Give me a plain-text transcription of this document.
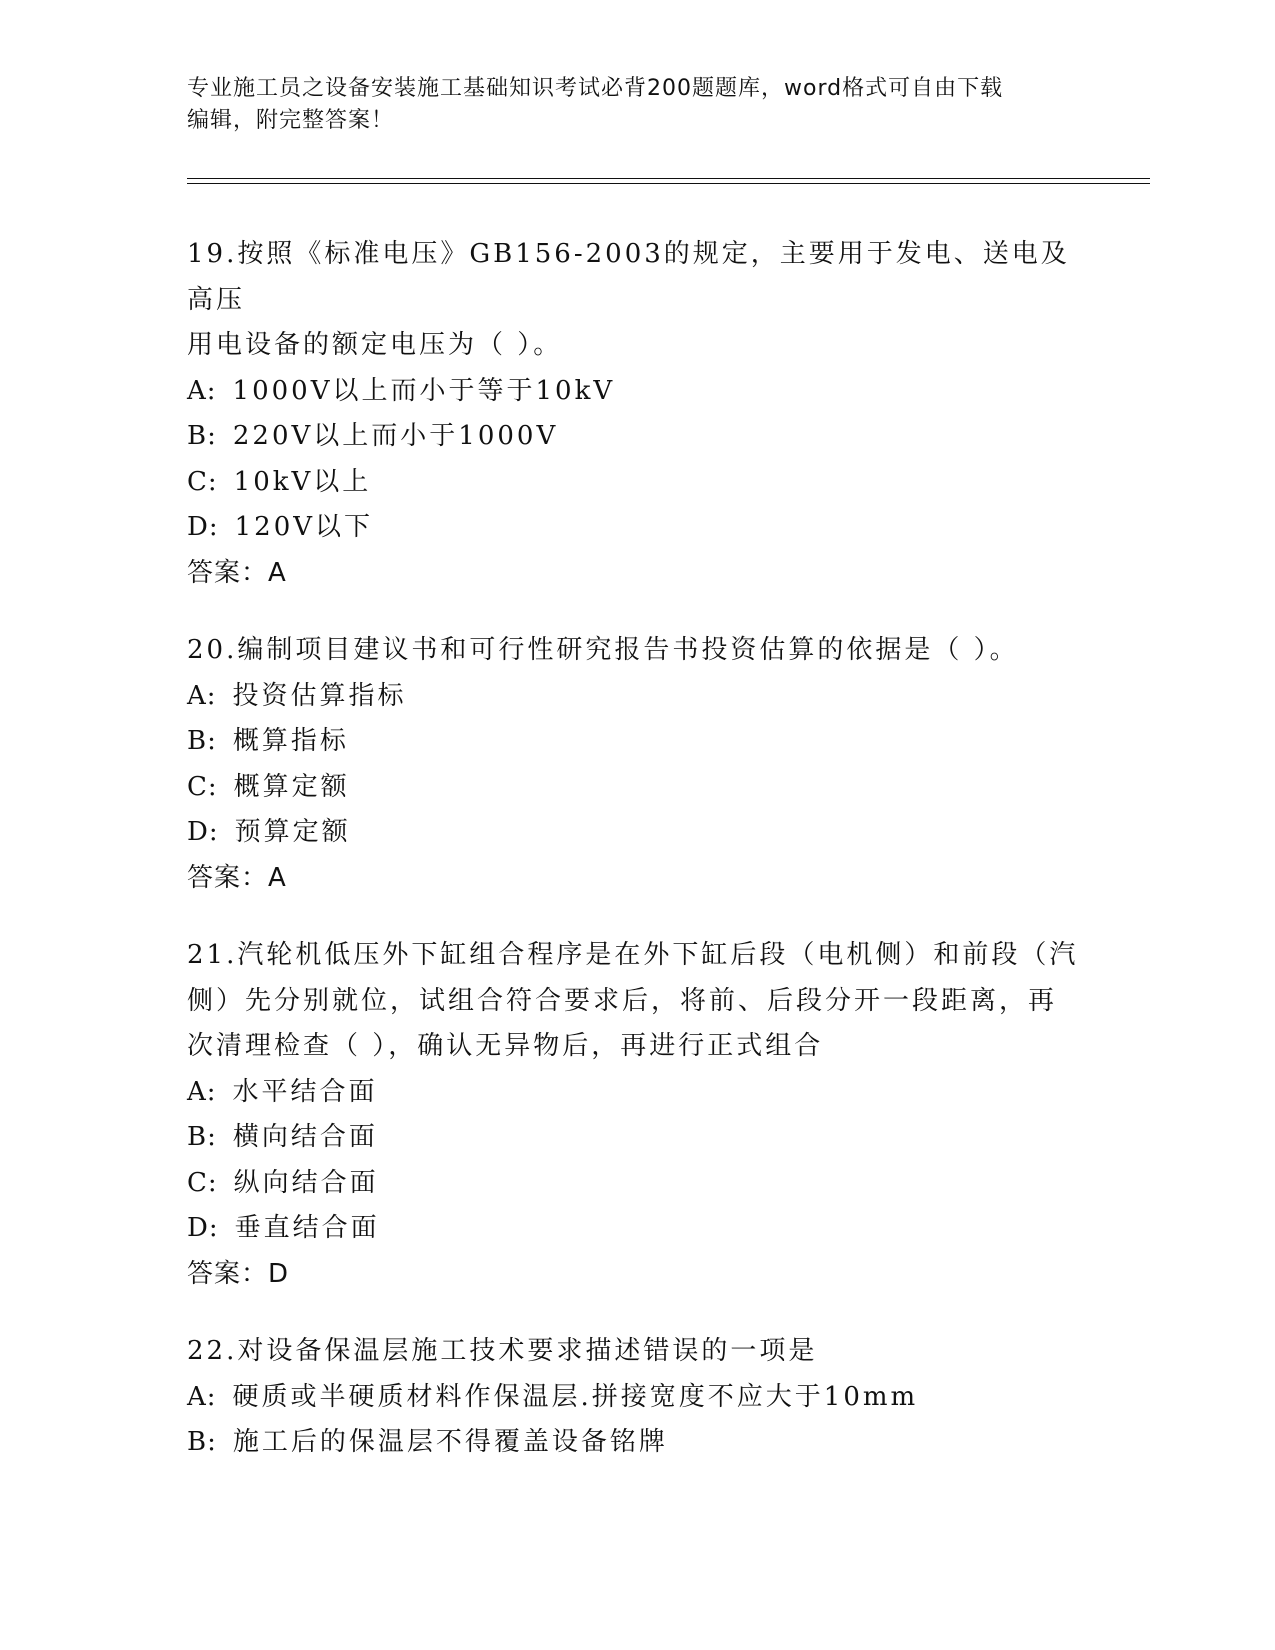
专业施工员之设备安装施工基础知识考试必背200题题库，word格式可自由下载
编辑，附完整答案！
19.按照《标准电压》GB156-2003的规定，主要用于发电、送电及高压
用电设备的额定电压为（ ）。
A: 1000V以上而小于等于10kV
B: 220V以上而小于1000V
C: 10kV以上
D: 120V以下
答案：A
20.编制项目建议书和可行性研究报告书投资估算的依据是（ ）。
A: 投资估算指标
B: 概算指标
C: 概算定额
D: 预算定额
答案：A
21.汽轮机低压外下缸组合程序是在外下缸后段（电机侧）和前段（汽
侧）先分别就位，试组合符合要求后，将前、后段分开一段距离，再
次清理检查（ ），确认无异物后，再进行正式组合
A: 水平结合面
B: 横向结合面
C: 纵向结合面
D: 垂直结合面
答案：D
22.对设备保温层施工技术要求描述错误的一项是
A: 硬质或半硬质材料作保温层.拼接宽度不应大于10mm
B: 施工后的保温层不得覆盖设备铭牌
